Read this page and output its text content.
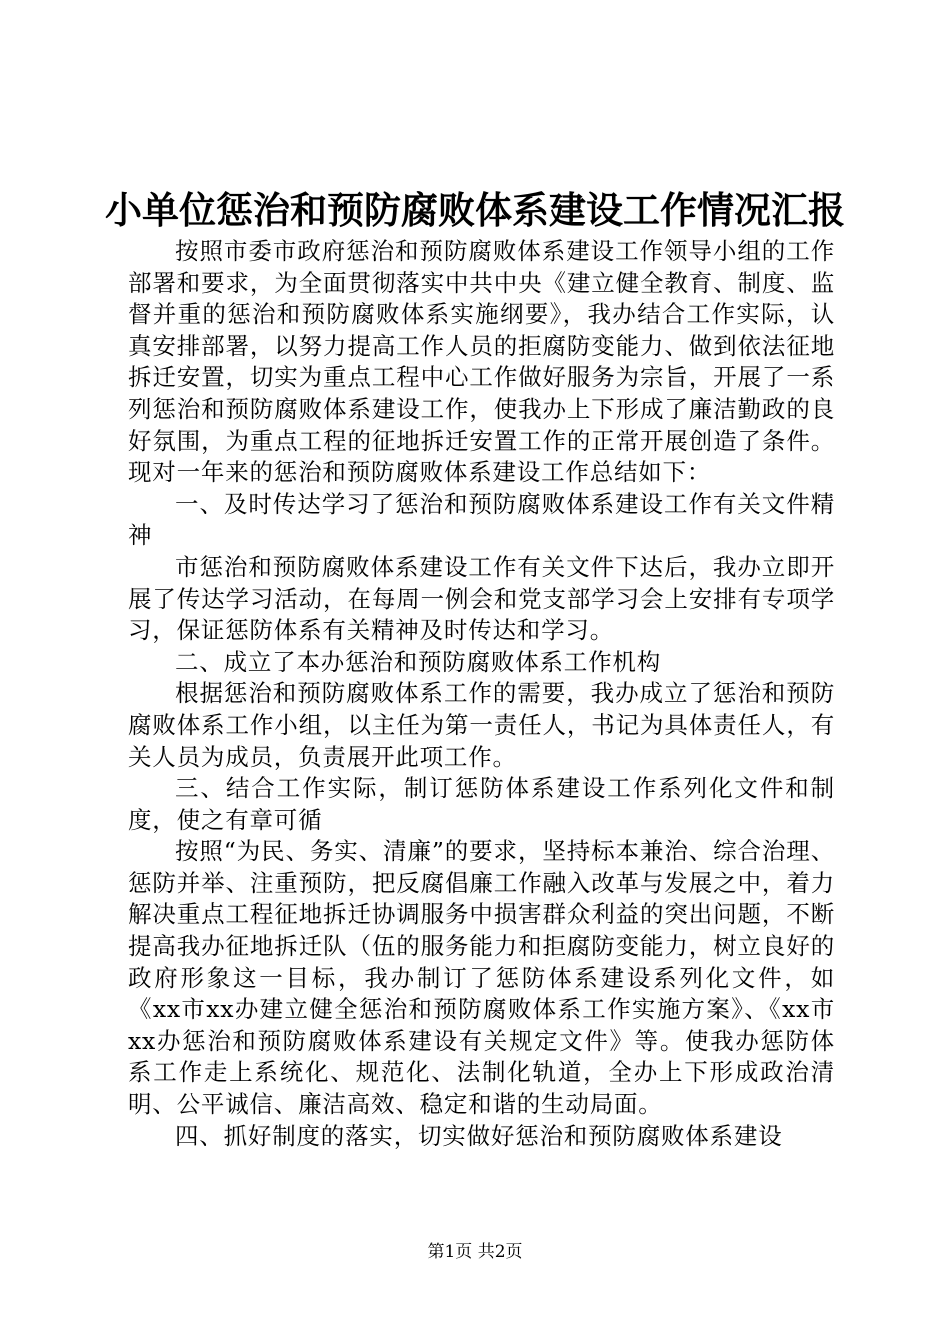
小单位惩治和预防腐败体系建设工作情况汇报

按照市委市政府惩治和预防腐败体系建设工作领导小组的工作部署和要求，为全面贯彻落实中共中央《建立健全教育、制度、监督并重的惩治和预防腐败体系实施纲要》，我办结合工作实际，认真安排部署，以努力提高工作人员的拒腐防变能力、做到依法征地拆迁安置，切实为重点工程中心工作做好服务为宗旨，开展了一系列惩治和预防腐败体系建设工作，使我办上下形成了廉洁勤政的良好氛围，为重点工程的征地拆迁安置工作的正常开展创造了条件。现对一年来的惩治和预防腐败体系建设工作总结如下：

一、及时传达学习了惩治和预防腐败体系建设工作有关文件精神

市惩治和预防腐败体系建设工作有关文件下达后，我办立即开展了传达学习活动，在每周一例会和党支部学习会上安排有专项学习，保证惩防体系有关精神及时传达和学习。

二、成立了本办惩治和预防腐败体系工作机构

根据惩治和预防腐败体系工作的需要，我办成立了惩治和预防腐败体系工作小组，以主任为第一责任人，书记为具体责任人，有关人员为成员，负责展开此项工作。

三、结合工作实际，制订惩防体系建设工作系列化文件和制度，使之有章可循

按照“为民、务实、清廉”的要求，坚持标本兼治、综合治理、惩防并举、注重预防，把反腐倡廉工作融入改革与发展之中，着力解决重点工程征地拆迁协调服务中损害群众利益的突出问题，不断提高我办征地拆迁队（伍的服务能力和拒腐防变能力，树立良好的政府形象这一目标，我办制订了惩防体系建设系列化文件，如《xx市xx办建立健全惩治和预防腐败体系工作实施方案》、《xx市xx办惩治和预防腐败体系建设有关规定文件》等。使我办惩防体系工作走上系统化、规范化、法制化轨道，全办上下形成政治清明、公平诚信、廉洁高效、稳定和谐的生动局面。

四、抓好制度的落实，切实做好惩治和预防腐败体系建设

第1页 共2页
